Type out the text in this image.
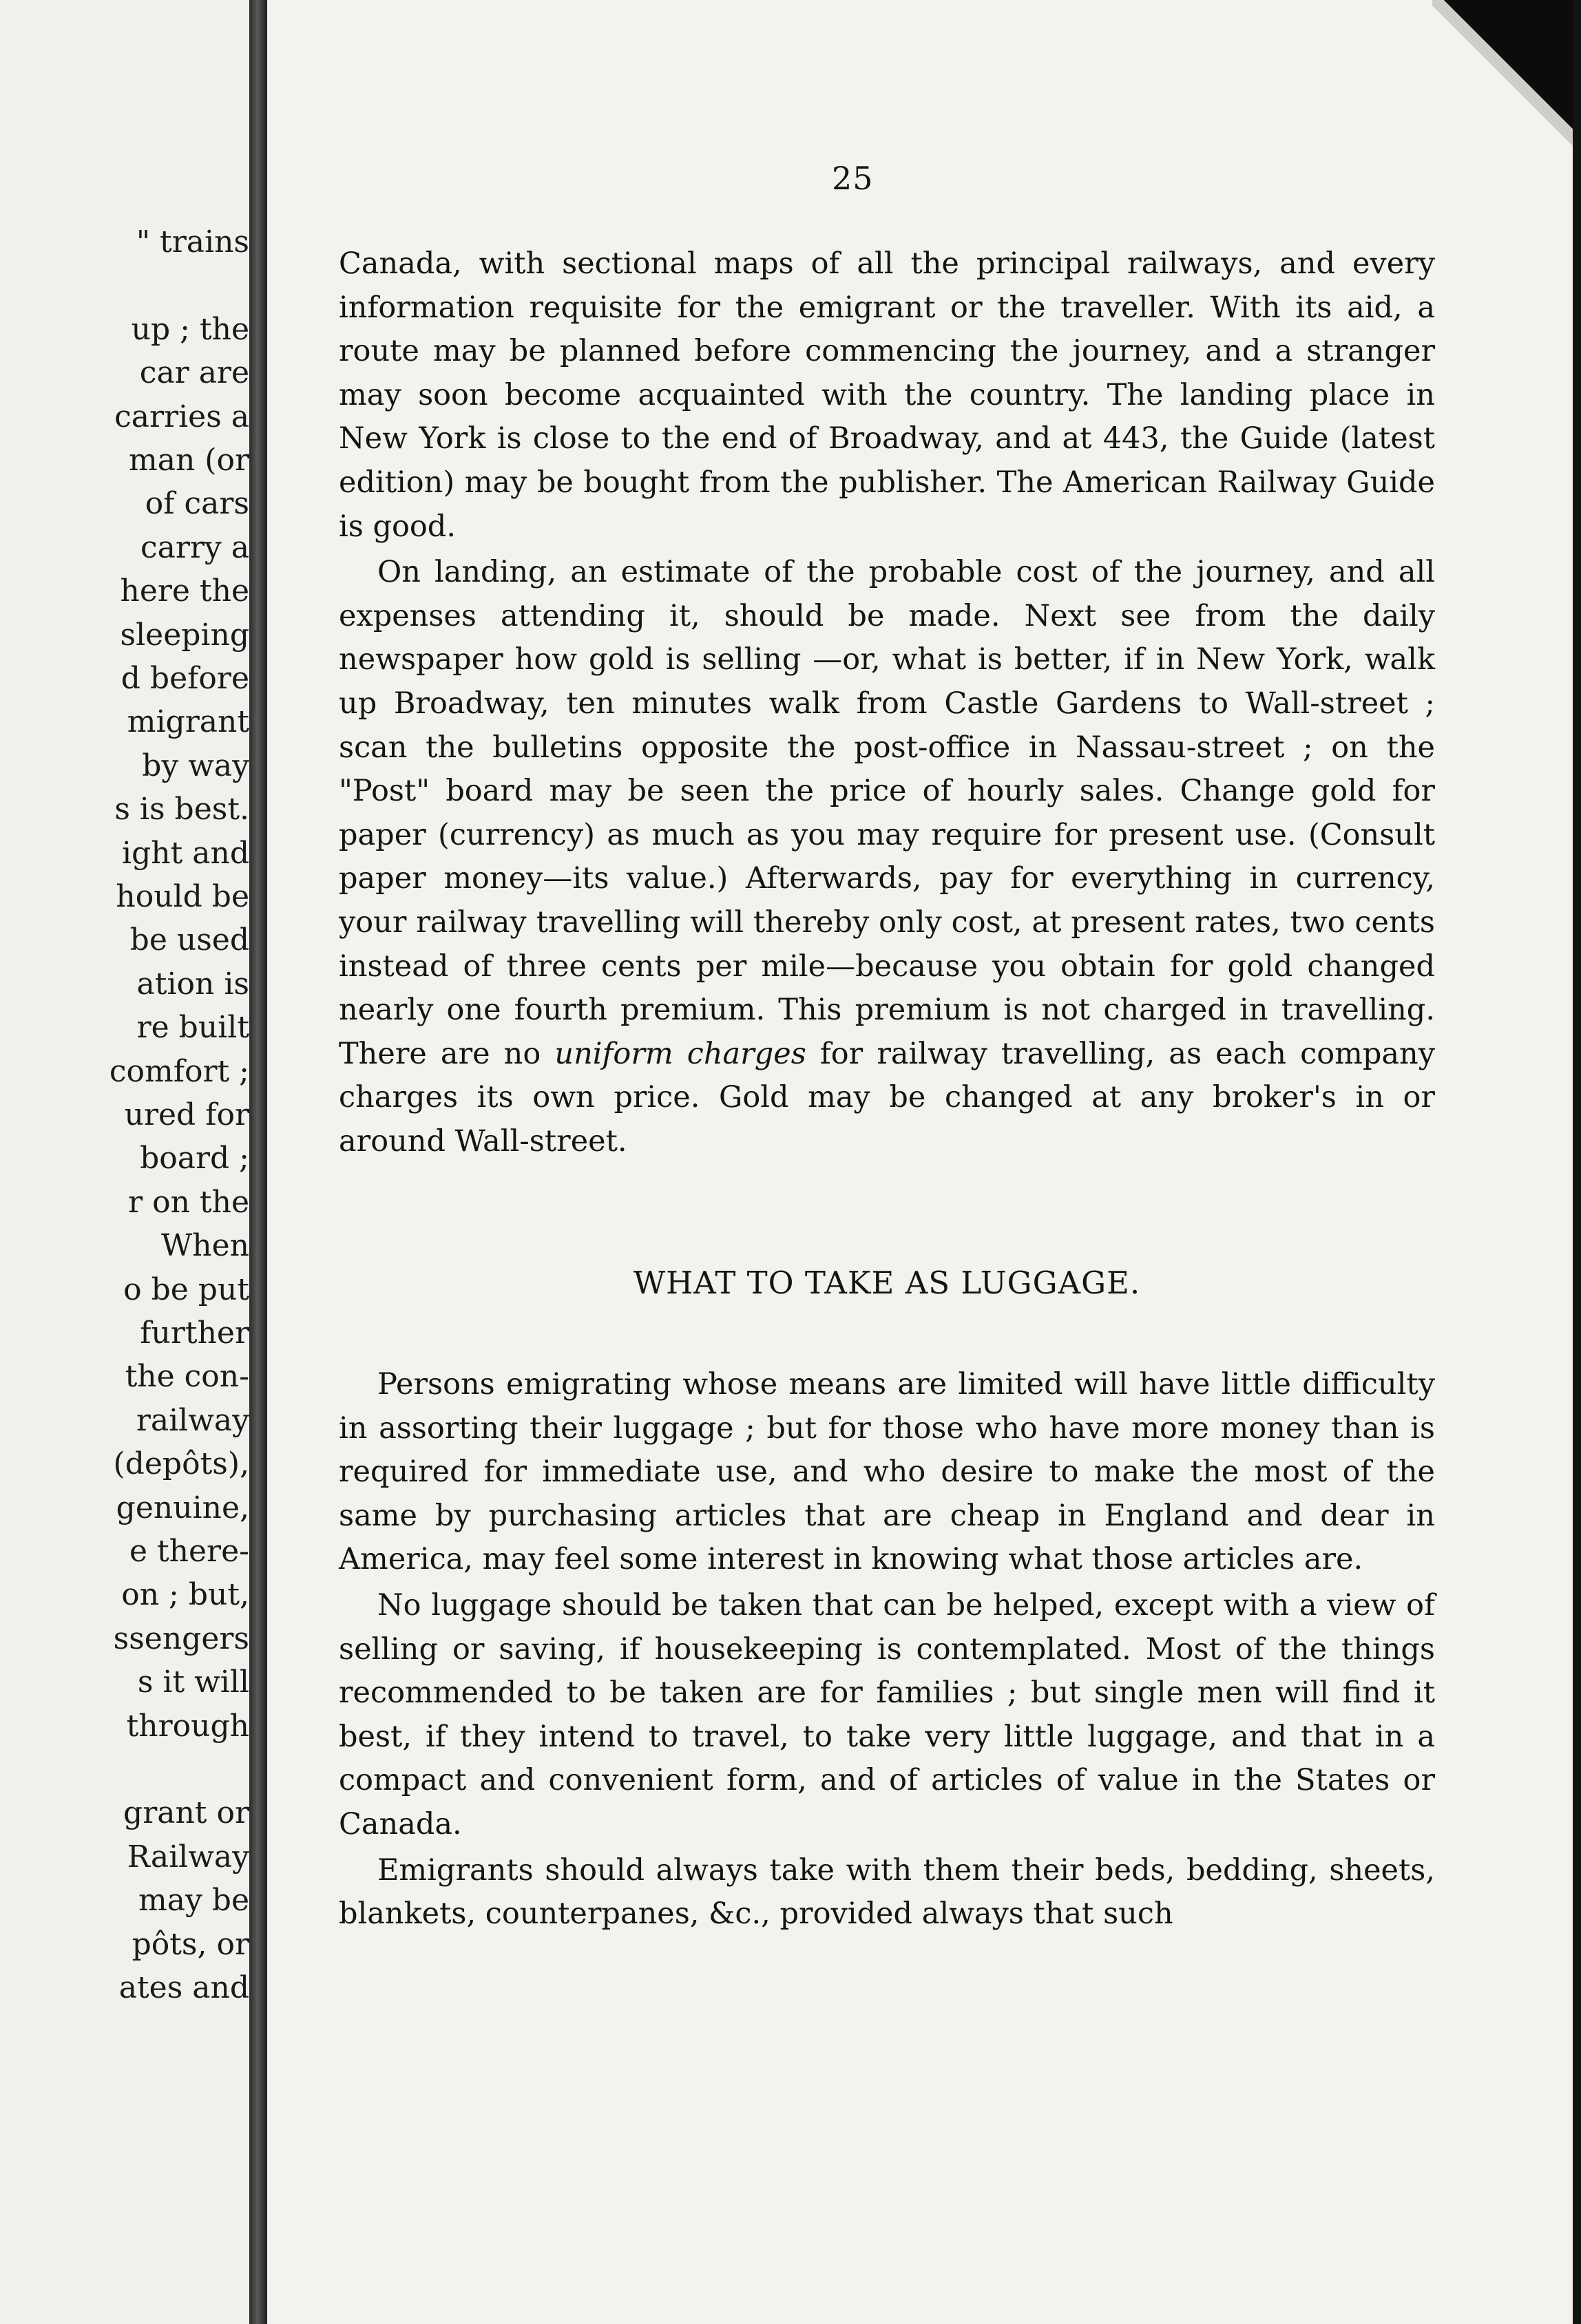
" trains
up ; the
car are
carries a
man (or
of cars
carry a
here the
sleeping
d before
migrant
by way
s is best.
ight and
hould be
be used
ation is
re built
comfort ;
ured for
board ;
r on the
When
o be put
further
the con-
railway
(depôts),
genuine,
e there-
on ; but,
ssengers
s it will
through
grant or
Railway
may be
pôts, or
ates and
25

Canada, with sectional maps of all the principal railways, and every information requisite for the emigrant or the traveller. With its aid, a route may be planned before commencing the journey, and a stranger may soon become acquainted with the country. The landing place in New York is close to the end of Broadway, and at 443, the Guide (latest edition) may be bought from the publisher. The American Railway Guide is good.

On landing, an estimate of the probable cost of the journey, and all expenses attending it, should be made. Next see from the daily newspaper how gold is selling —or, what is better, if in New York, walk up Broadway, ten minutes walk from Castle Gardens to Wall-street ; scan the bulletins opposite the post-office in Nassau-street ; on the "Post" board may be seen the price of hourly sales. Change gold for paper (currency) as much as you may require for present use. (Consult paper money—its value.) Afterwards, pay for everything in currency, your railway travelling will thereby only cost, at present rates, two cents instead of three cents per mile—because you obtain for gold changed nearly one fourth premium. This premium is not charged in travelling. There are no uniform charges for railway travelling, as each company charges its own price. Gold may be changed at any broker's in or around Wall-street.

WHAT TO TAKE AS LUGGAGE.

Persons emigrating whose means are limited will have little difficulty in assorting their luggage ; but for those who have more money than is required for immediate use, and who desire to make the most of the same by purchasing articles that are cheap in England and dear in America, may feel some interest in knowing what those articles are.

No luggage should be taken that can be helped, except with a view of selling or saving, if housekeeping is contemplated. Most of the things recommended to be taken are for families ; but single men will find it best, if they intend to travel, to take very little luggage, and that in a compact and convenient form, and of articles of value in the States or Canada.

Emigrants should always take with them their beds, bedding, sheets, blankets, counterpanes, &c., provided always that such
